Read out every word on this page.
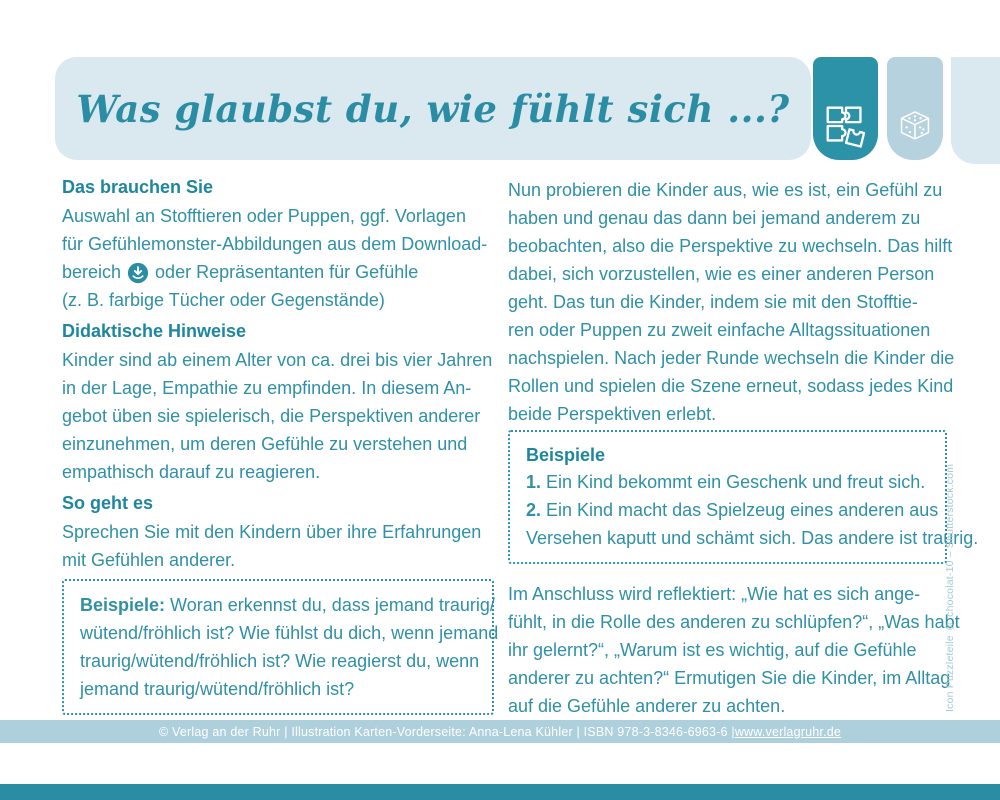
Was glaubst du, wie fühlt sich ...?
Das brauchen Sie
Auswahl an Stofftieren oder Puppen, ggf. Vorlagen
für Gefühlemonster-Abbildungen aus dem Download-
bereich  oder Repräsentanten für Gefühle
(z. B. farbige Tücher oder Gegenstände)
Didaktische Hinweise
Kinder sind ab einem Alter von ca. drei bis vier Jahren
in der Lage, Empathie zu empfinden. In diesem An-
gebot üben sie spielerisch, die Perspektiven anderer
einzunehmen, um deren Gefühle zu verstehen und
empathisch darauf zu reagieren.
So geht es
Sprechen Sie mit den Kindern über ihre Erfahrungen
mit Gefühlen anderer.
Beispiele: Woran erkennst du, dass jemand traurig/
wütend/fröhlich ist? Wie fühlst du dich, wenn jemand
traurig/wütend/fröhlich ist? Wie reagierst du, wenn
jemand traurig/wütend/fröhlich ist?
Nun probieren die Kinder aus, wie es ist, ein Gefühl zu
haben und genau das dann bei jemand anderem zu
beobachten, also die Perspektive zu wechseln. Das hilft
dabei, sich vorzustellen, wie es einer anderen Person
geht. Das tun die Kinder, indem sie mit den Stofftie-
ren oder Puppen zu zweit einfache Alltagssituationen
nachspielen. Nach jeder Runde wechseln die Kinder die
Rollen und spielen die Szene erneut, sodass jedes Kind
beide Perspektiven erlebt.
Beispiele
1. Ein Kind bekommt ein Geschenk und freut sich.
2. Ein Kind macht das Spielzeug eines anderen aus
Versehen kaputt und schämt sich. Das andere ist traurig.
Im Anschluss wird reflektiert: „Wie hat es sich ange-
fühlt, in die Rolle des anderen zu schlüpfen?“, „Was habt
ihr gelernt?“, „Warum ist es wichtig, auf die Gefühle
anderer zu achten?“ Ermutigen Sie die Kinder, im Alltag
auf die Gefühle anderer zu achten.	Icon Puzzleteile © chocolat-10 – Shutterstock.com
© Verlag an der Ruhr | Illustration Karten-Vorderseite: Anna-Lena Kühler | ISBN 978-3-8346-6963-6 | www.verlagruhr.de
